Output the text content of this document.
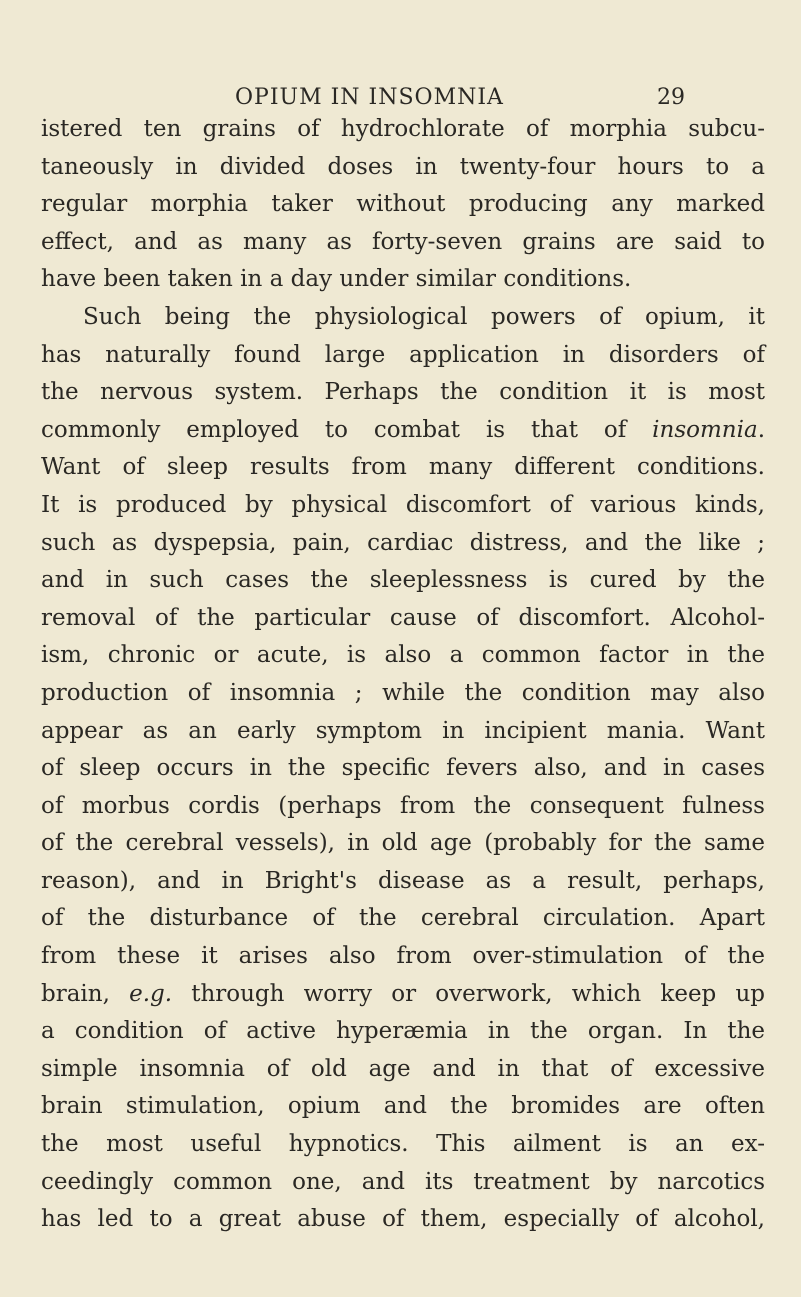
OPIUM IN INSOMNIA	29
istered ten grains of hydrochlorate of morphia subcu-
taneously in divided doses in twenty-four hours to a
regular morphia taker without producing any marked
effect, and as many as forty-seven grains are said to
have been taken in a day under similar conditions.
Such being the physiological powers of opium, it
has naturally found large application in disorders of
the nervous system. Perhaps the condition it is most
commonly employed to combat is that of insomnia.
Want of sleep results from many different conditions.
It is produced by physical discomfort of various kinds,
such as dyspepsia, pain, cardiac distress, and the like ;
and in such cases the sleeplessness is cured by the
removal of the particular cause of discomfort. Alcohol-
ism, chronic or acute, is also a common factor in the
production of insomnia ; while the condition may also
appear as an early symptom in incipient mania. Want
of sleep occurs in the specific fevers also, and in cases
of morbus cordis (perhaps from the consequent fulness
of the cerebral vessels), in old age (probably for the same
reason), and in Bright's disease as a result, perhaps,
of the disturbance of the cerebral circulation. Apart
from these it arises also from over-stimulation of the
brain, e.g. through worry or overwork, which keep up
a condition of active hyperæmia in the organ. In the
simple insomnia of old age and in that of excessive
brain stimulation, opium and the bromides are often
the most useful hypnotics. This ailment is an ex-
ceedingly common one, and its treatment by narcotics
has led to a great abuse of them, especially of alcohol,
